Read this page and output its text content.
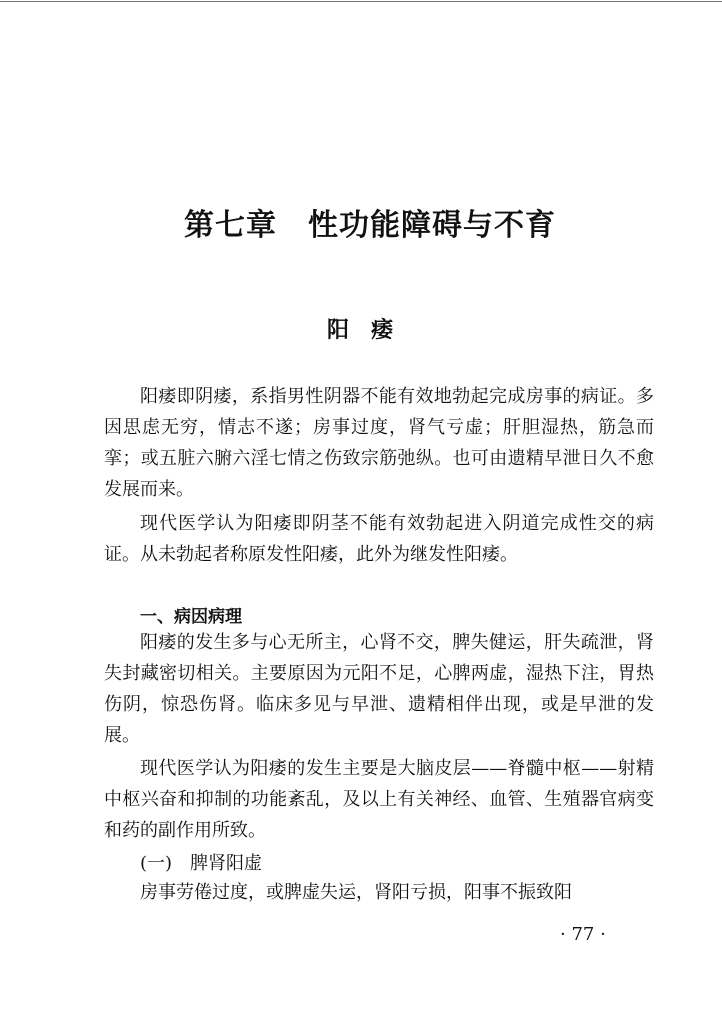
第七章　性功能障碍与不育
阳　痿

阳痿即阴痿，系指男性阴器不能有效地勃起完成房事的病证。多因思虑无穷，情志不遂；房事过度，肾气亏虚；肝胆湿热，筋急而挛；或五脏六腑六淫七情之伤致宗筋弛纵。也可由遗精早泄日久不愈发展而来。

现代医学认为阳痿即阴茎不能有效勃起进入阴道完成性交的病证。从未勃起者称原发性阳痿，此外为继发性阳痿。

一、病因病理

阳痿的发生多与心无所主，心肾不交，脾失健运，肝失疏泄，肾失封藏密切相关。主要原因为元阳不足，心脾两虚，湿热下注，胃热伤阴，惊恐伤肾。临床多见与早泄、遗精相伴出现，或是早泄的发展。

现代医学认为阳痿的发生主要是大脑皮层——脊髓中枢——射精中枢兴奋和抑制的功能紊乱，及以上有关神经、血管、生殖器官病变和药的副作用所致。

(一)　脾肾阳虚

房事劳倦过度，或脾虚失运，肾阳亏损，阳事不振致阳

· 77 ·
